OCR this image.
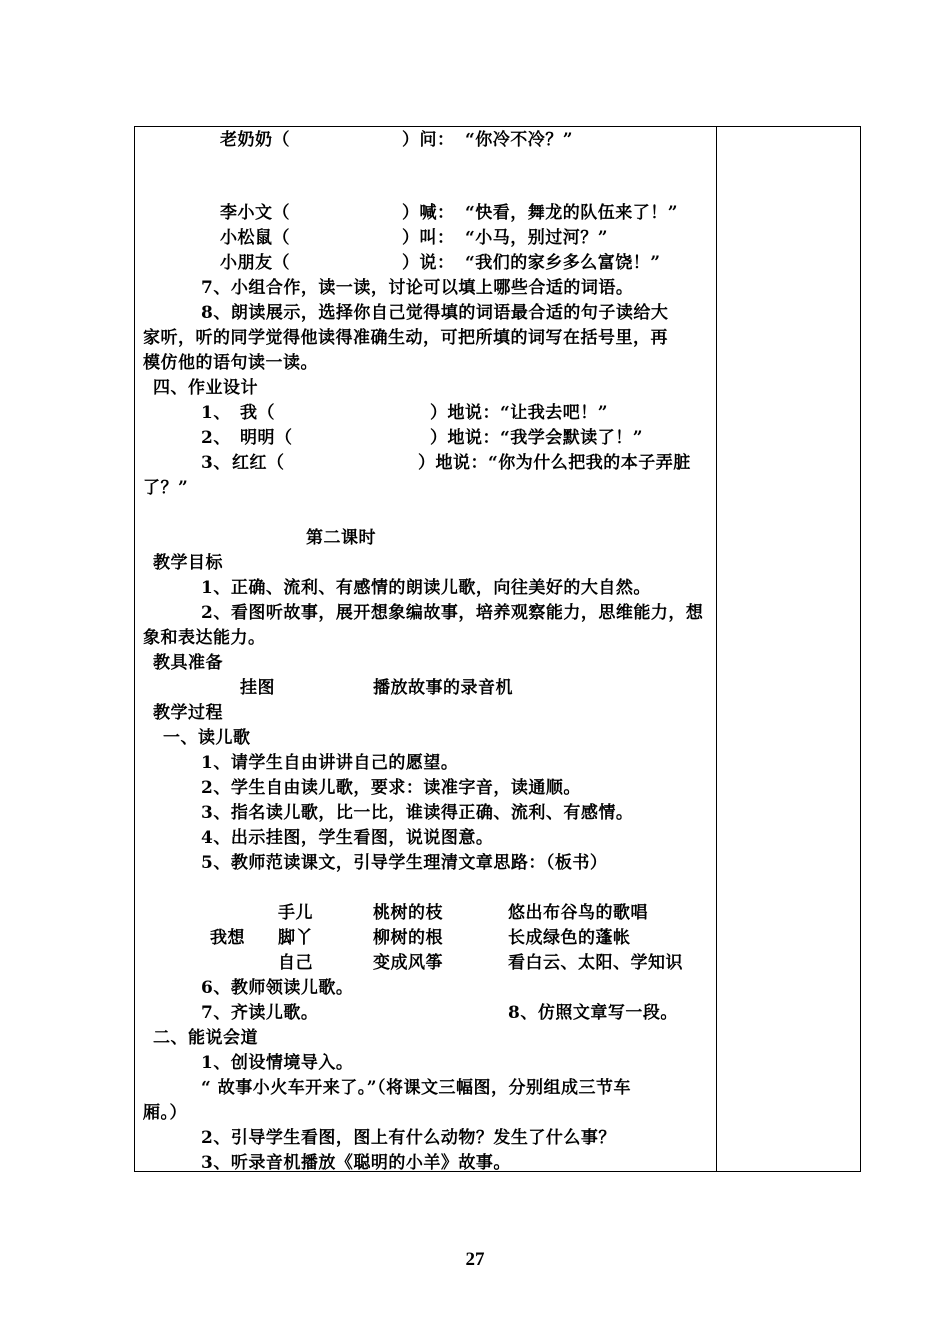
老奶奶（	）问： “你冷不冷？”
李小文（	）喊： “快看，舞龙的队伍来了！”
小松鼠（	）叫： “小马，别过河？”
小朋友（	）说： “我们的家乡多么富饶！”
7、小组合作，读一读，讨论可以填上哪些合适的词语。
8、朗读展示，选择你自己觉得填的词语最合适的句子读给大
家听，听的同学觉得他读得准确生动，可把所填的词写在括号里，再
模仿他的语句读一读。
四、作业设计
1、 我（	）地说：“让我去吧！”
2、 明明（	）地说：“我学会默读了！”
3、 红红（	）地说：“你为什么把我的本子弄脏
了？”
第二课时
教学目标
1、正确、流利、有感情的朗读儿歌，向往美好的大自然。
2、看图听故事，展开想象编故事，培养观察能力，思维能力，想
象和表达能力。
教具准备
挂图	播放故事的录音机
教学过程
一、读儿歌
1、请学生自由讲讲自己的愿望。
2、学生自由读儿歌，要求：读准字音，读通顺。
3、指名读儿歌，比一比，谁读得正确、流利、有感情。
4、出示挂图，学生看图，说说图意。
5、教师范读课文，引导学生理清文章思路：（板书）
手儿	桃树的枝	悠出布谷鸟的歌唱
我想 脚丫	柳树的根	长成绿色的蓬帐
自己	变成风筝	看白云、太阳、学知识
6、教师领读儿歌。
7、齐读儿歌。	8、仿照文章写一段。
二、能说会道
1、创设情境导入。
“ 故事小火车开来了。”（将课文三幅图，分别组成三节车
厢。）
2、引导学生看图，图上有什么动物？发生了什么事？
3、听录音机播放《聪明的小羊》故事。
27
